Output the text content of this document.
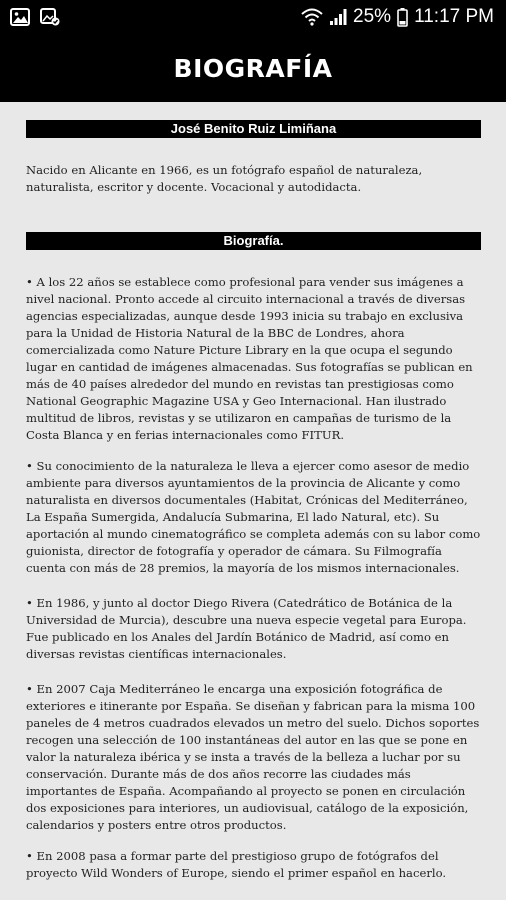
25% 11:17 PM
BIOGRAFÍA
José Benito Ruiz Limiñana

Nacido en Alicante en 1966, es un fotógrafo español de naturaleza, naturalista, escritor y docente. Vocacional y autodidacta.

Biografía.

• A los 22 años se establece como profesional para vender sus imágenes a nivel nacional. Pronto accede al circuito internacional a través de diversas agencias especializadas, aunque desde 1993 inicia su trabajo en exclusiva para la Unidad de Historia Natural de la BBC de Londres, ahora comercializada como Nature Picture Library en la que ocupa el segundo lugar en cantidad de imágenes almacenadas. Sus fotografías se publican en más de 40 países alrededor del mundo en revistas tan prestigiosas como National Geographic Magazine USA y Geo Internacional. Han ilustrado multitud de libros, revistas y se utilizaron en campañas de turismo de la Costa Blanca y en ferias internacionales como FITUR.

• Su conocimiento de la naturaleza le lleva a ejercer como asesor de medio ambiente para diversos ayuntamientos de la provincia de Alicante y como naturalista en diversos documentales (Habitat, Crónicas del Mediterráneo, La España Sumergida, Andalucía Submarina, El lado Natural, etc). Su aportación al mundo cinematográfico se completa además con su labor como guionista, director de fotografía y operador de cámara. Su Filmografía cuenta con más de 28 premios, la mayoría de los mismos internacionales.

• En 1986, y junto al doctor Diego Rivera (Catedrático de Botánica de la Universidad de Murcia), descubre una nueva especie vegetal para Europa. Fue publicado en los Anales del Jardín Botánico de Madrid, así como en diversas revistas científicas internacionales.

• En 2007 Caja Mediterráneo le encarga una exposición fotográfica de exteriores e itinerante por España. Se diseñan y fabrican para la misma 100 paneles de 4 metros cuadrados elevados un metro del suelo. Dichos soportes recogen una selección de 100 instantáneas del autor en las que se pone en valor la naturaleza ibérica y se insta a través de la belleza a luchar por su conservación. Durante más de dos años recorre las ciudades más importantes de España. Acompañando al proyecto se ponen en circulación dos exposiciones para interiores, un audiovisual, catálogo de la exposición, calendarios y posters entre otros productos.

• En 2008 pasa a formar parte del prestigioso grupo de fotógrafos del proyecto Wild Wonders of Europe, siendo el primer español en hacerlo.
